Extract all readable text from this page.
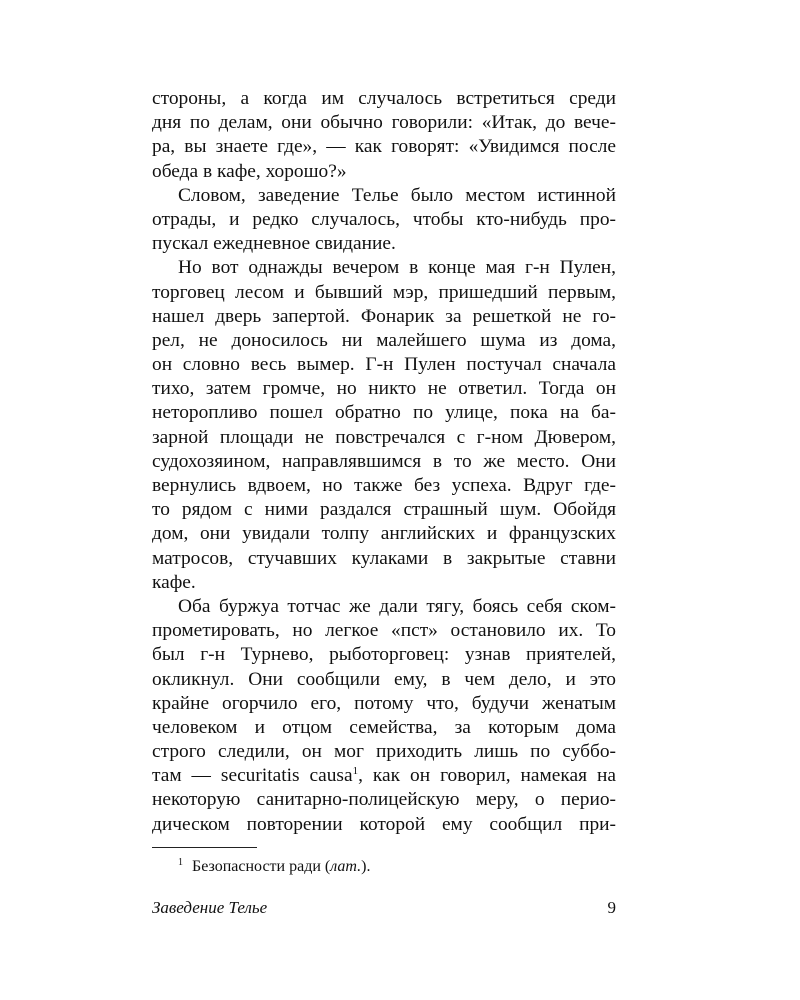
стороны, а когда им случалось встретиться среди
дня по делам, они обычно говорили: «Итак, до вече-
ра, вы знаете где», — как говорят: «Увидимся после
обеда в кафе, хорошо?»
Словом, заведение Телье было местом истинной
отрады, и редко случалось, чтобы кто-нибудь про-
пускал ежедневное свидание.
Но вот однажды вечером в конце мая г-н Пулен,
торговец лесом и бывший мэр, пришедший первым,
нашел дверь запертой. Фонарик за решеткой не го-
рел, не доносилось ни малейшего шума из дома,
он словно весь вымер. Г-н Пулен постучал сначала
тихо, затем громче, но никто не ответил. Тогда он
неторопливо пошел обратно по улице, пока на ба-
зарной площади не повстречался с г-ном Дювером,
судохозяином, направлявшимся в то же место. Они
вернулись вдвоем, но также без успеха. Вдруг где-
то рядом с ними раздался страшный шум. Обойдя
дом, они увидали толпу английских и французских
матросов, стучавших кулаками в закрытые ставни
кафе.
Оба буржуа тотчас же дали тягу, боясь себя ском-
прометировать, но легкое «пст» остановило их. То
был г-н Турнево, рыботорговец: узнав приятелей,
окликнул. Они сообщили ему, в чем дело, и это
крайне огорчило его, потому что, будучи женатым
человеком и отцом семейства, за которым дома
строго следили, он мог приходить лишь по суббо-
там — securitatis causa$^1$, как он говорил, намекая на
некоторую санитарно-полицейскую меру, о перио-
дическом повторении которой ему сообщил при-
$^1$ Безопасности ради (лат.).
Заведение Телье	9
